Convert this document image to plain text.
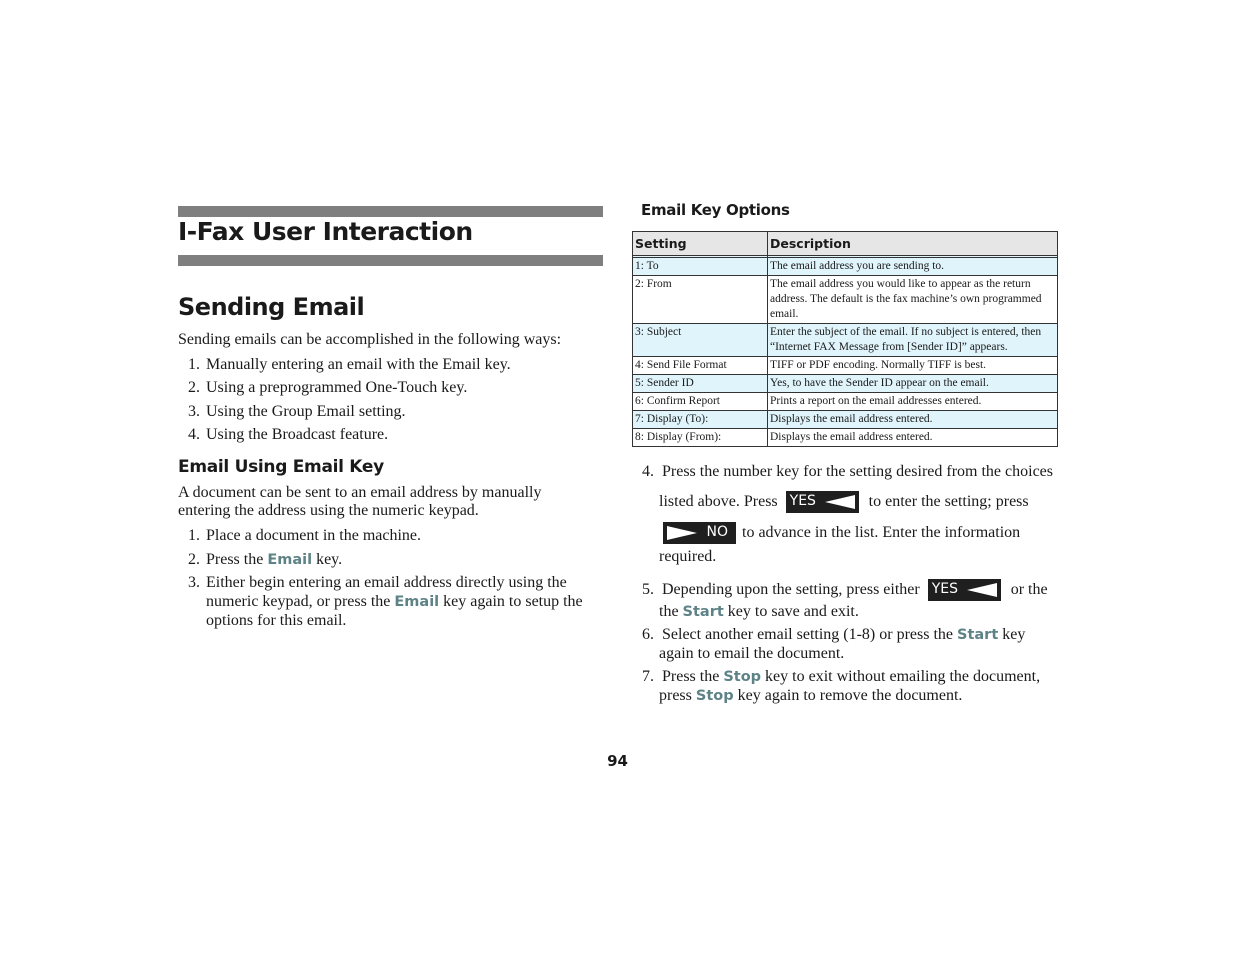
I-Fax User Interaction
Sending Email

Sending emails can be accomplished in the following ways:

1. Manually entering an email with the Email key.
2. Using a preprogrammed One-Touch key.
3. Using the Group Email setting.
4. Using the Broadcast feature.
Email Using Email Key

A document can be sent to an email address by manually
entering the address using the numeric keypad.

1. Place a document in the machine.
2. Press the Email key.
3. Either begin entering an email address directly using the
numeric keypad, or press the Email key again to setup the
options for this email.
Email Key Options
Setting	Description

1: To	The email address you are sending to.
2: From	The email address you would like to appear as the return address. The default is the fax machine’s own programmed email.
3: Subject	Enter the subject of the email. If no subject is entered, then “Internet FAX Message from [Sender ID]” appears.
4: Send File Format	TIFF or PDF encoding. Normally TIFF is best.
5: Sender ID	Yes, to have the Sender ID appear on the email.
6: Confirm Report	Prints a report on the email addresses entered.
7: Display (To):	Displays the email address entered.
8: Display (From):	Displays the email address entered.
4. Press the number key for the setting desired from the choices
listed above. Press YES	to enter the setting; press
NO to advance in the list. Enter the information
required.
5. Depending upon the setting, press either YES	or the
the Start key to save and exit.
6. Select another email setting (1-8) or press the Start key
again to email the document.
7. Press the Stop key to exit without emailing the document,
press Stop key again to remove the document.
94
